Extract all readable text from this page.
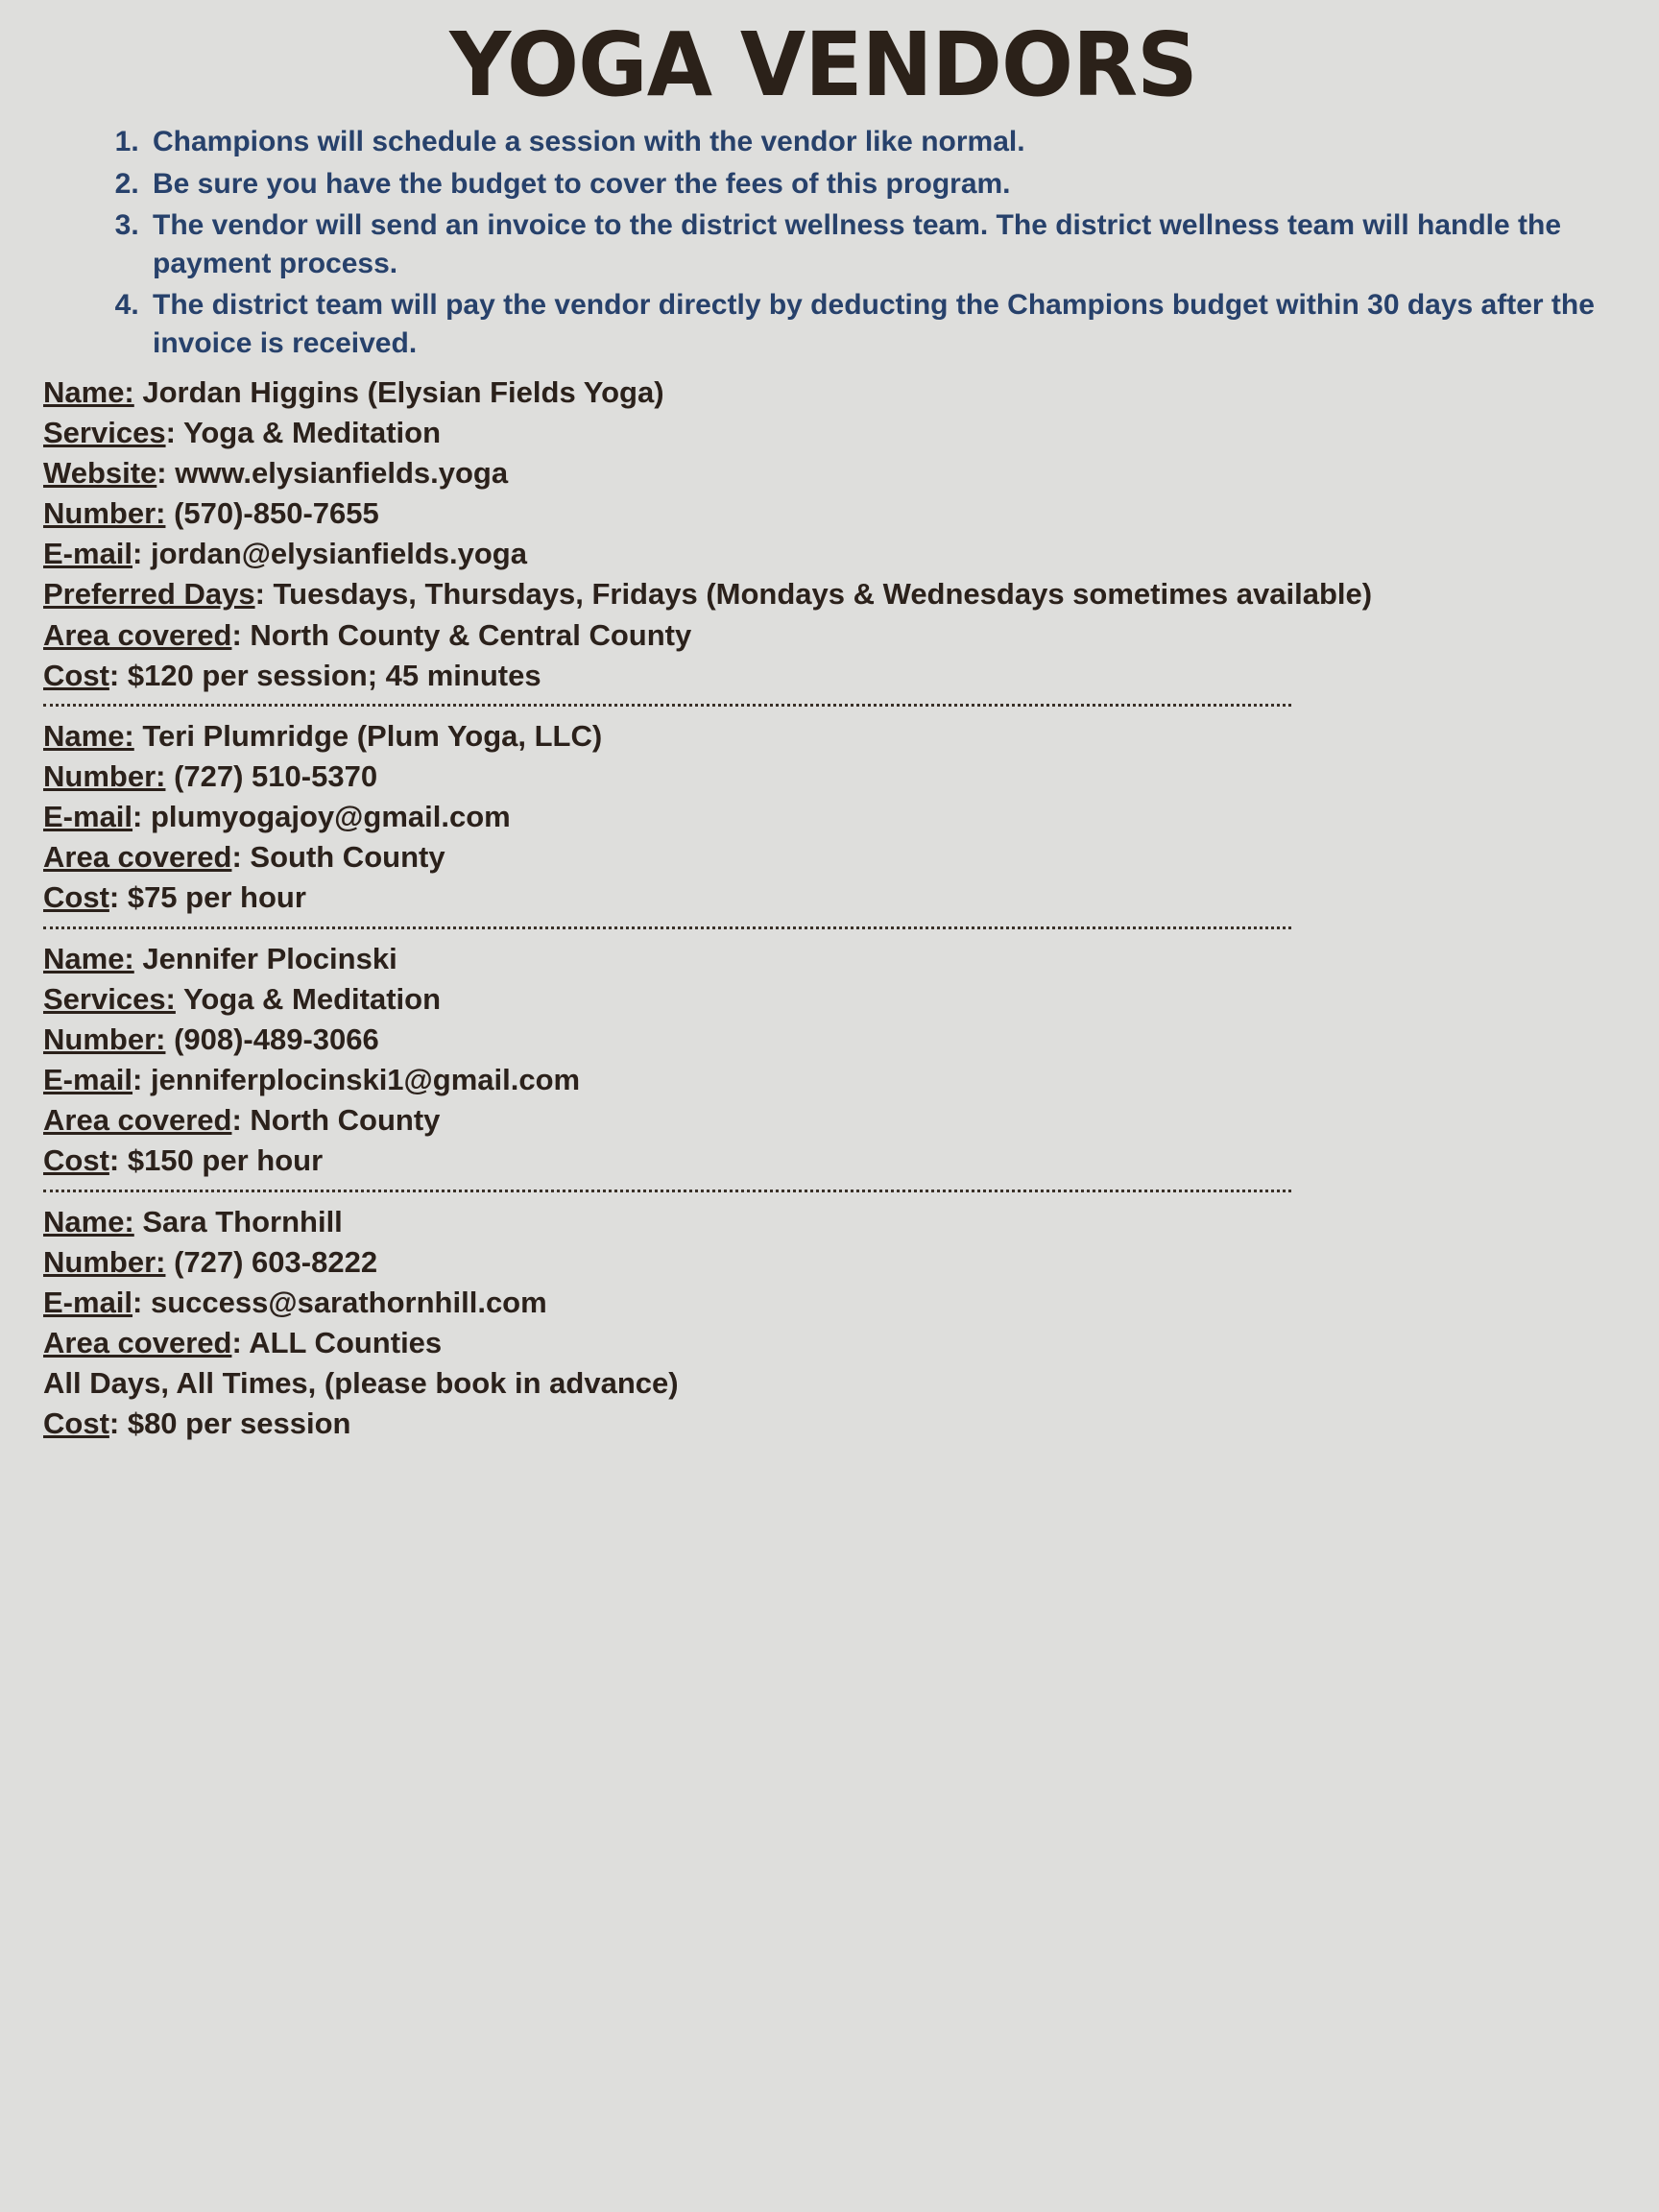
YOGA VENDORS
1. Champions will schedule a session with the vendor like normal.
2. Be sure you have the budget to cover the fees of this program.
3. The vendor will send an invoice to the district wellness team. The district wellness team will handle the payment process.
4. The district team will pay the vendor directly by deducting the Champions budget within 30 days after the invoice is received.
Name: Jordan Higgins (Elysian Fields Yoga)
Services: Yoga & Meditation
Website: www.elysianfields.yoga
Number: (570)-850-7655
E-mail: jordan@elysianfields.yoga
Preferred Days: Tuesdays, Thursdays, Fridays (Mondays & Wednesdays sometimes available)
Area covered: North County & Central County
Cost: $120 per session; 45 minutes
Name: Teri Plumridge (Plum Yoga, LLC)
Number: (727) 510-5370
E-mail: plumyogajoy@gmail.com
Area covered: South County
Cost: $75 per hour
Name: Jennifer Plocinski
Services: Yoga & Meditation
Number: (908)-489-3066
E-mail: jenniferplocinski1@gmail.com
Area covered: North County
Cost: $150 per hour
Name: Sara Thornhill
Number: (727) 603-8222
E-mail: success@sarathornhill.com
Area covered: ALL Counties
All Days, All Times, (please book in advance)
Cost: $80 per session
